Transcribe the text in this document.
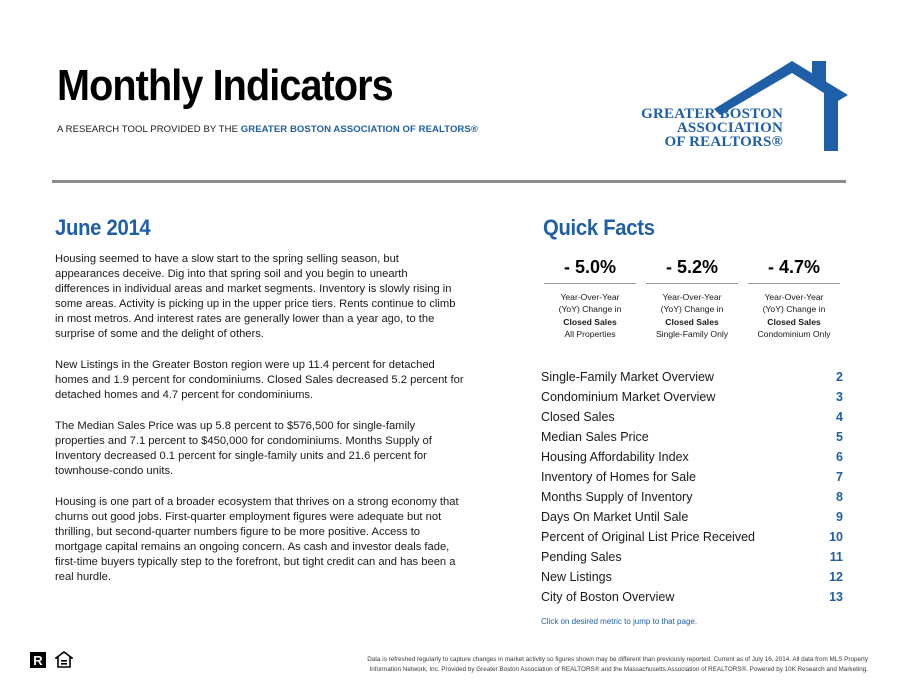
Monthly Indicators
A RESEARCH TOOL PROVIDED BY THE GREATER BOSTON ASSOCIATION OF REALTORS®
GREATER BOSTON
ASSOCIATION
OF REALTORS®
June 2014

Housing seemed to have a slow start to the spring selling season, but appearances deceive. Dig into that spring soil and you begin to unearth differences in individual areas and market segments. Inventory is slowly rising in some areas. Activity is picking up in the upper price tiers. Rents continue to climb in most metros. And interest rates are generally lower than a year ago, to the surprise of some and the delight of others.

New Listings in the Greater Boston region were up 11.4 percent for detached homes and 1.9 percent for condominiums. Closed Sales decreased 5.2 percent for detached homes and 4.7 percent for condominiums.

The Median Sales Price was up 5.8 percent to $576,500 for single-family properties and 7.1 percent to $450,000 for condominiums. Months Supply of Inventory decreased 0.1 percent for single-family units and 21.6 percent for townhouse-condo units.

Housing is one part of a broader ecosystem that thrives on a strong economy that churns out good jobs. First-quarter employment figures were adequate but not thrilling, but second-quarter numbers figure to be more positive. Access to mortgage capital remains an ongoing concern. As cash and investor deals fade, first-time buyers typically step to the forefront, but tight credit can and has been a real hurdle.

Quick Facts
- 5.0%
Year-Over-Year
(YoY) Change in
Closed Sales
All Properties
- 5.2%
Year-Over-Year
(YoY) Change in
Closed Sales
Single-Family Only
- 4.7%
Year-Over-Year
(YoY) Change in
Closed Sales
Condominium Only
Single-Family Market Overview	2
Condominium Market Overview	3
Closed Sales	4
Median Sales Price	5
Housing Affordability Index	6
Inventory of Homes for Sale	7
Months Supply of Inventory	8
Days On Market Until Sale	9
Percent of Original List Price Received	10
Pending Sales	11
New Listings	12
City of Boston Overview	13
Click on desired metric to jump to that page.
R	Data is refreshed regularly to capture changes in market activity so figures shown may be different than previously reported. Current as of July 16, 2014. All data from MLS Property
Information Network, Inc. Provided by Greater Boston Association of REALTORS® and the Massachusetts Association of REALTORS®. Powered by 10K Research and Marketing.
